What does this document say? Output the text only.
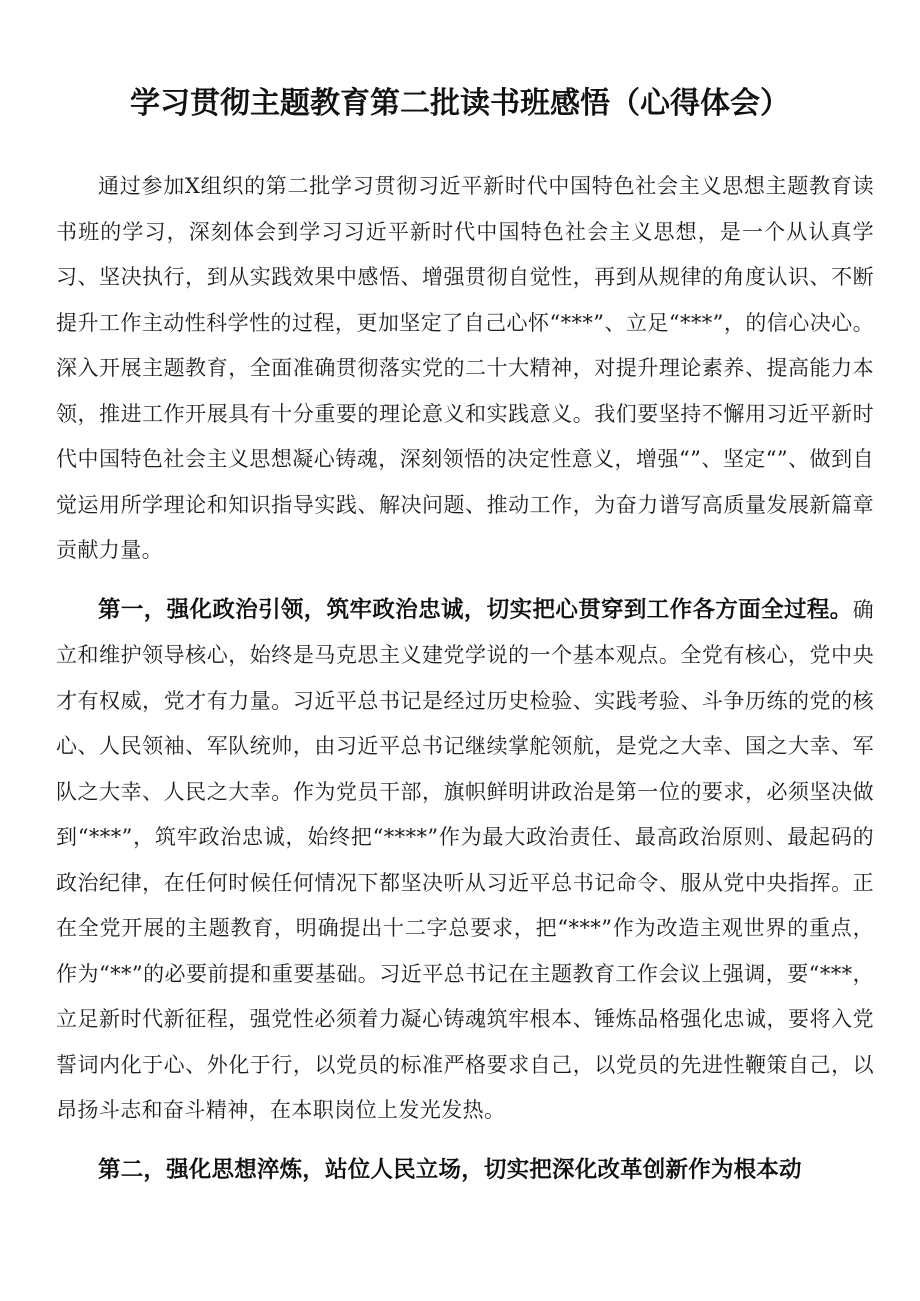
学习贯彻主题教育第二批读书班感悟（心得体会）

通过参加X组织的第二批学习贯彻习近平新时代中国特色社会主义思想主题教育读书班的学习，深刻体会到学习习近平新时代中国特色社会主义思想，是一个从认真学习、坚决执行，到从实践效果中感悟、增强贯彻自觉性，再到从规律的角度认识、不断提升工作主动性科学性的过程，更加坚定了自己心怀“***”、立足“***”，的信心决心。深入开展主题教育，全面准确贯彻落实党的二十大精神，对提升理论素养、提高能力本领，推进工作开展具有十分重要的理论意义和实践意义。我们要坚持不懈用习近平新时代中国特色社会主义思想凝心铸魂，深刻领悟的决定性意义，增强“”、坚定“”、做到自觉运用所学理论和知识指导实践、解决问题、推动工作，为奋力谱写高质量发展新篇章贡献力量。

第一，强化政治引领，筑牢政治忠诚，切实把心贯穿到工作各方面全过程。确立和维护领导核心，始终是马克思主义建党学说的一个基本观点。全党有核心，党中央才有权威，党才有力量。习近平总书记是经过历史检验、实践考验、斗争历练的党的核心、人民领袖、军队统帅，由习近平总书记继续掌舵领航，是党之大幸、国之大幸、军队之大幸、人民之大幸。作为党员干部，旗帜鲜明讲政治是第一位的要求，必须坚决做到“***”，筑牢政治忠诚，始终把“****”作为最大政治责任、最高政治原则、最起码的政治纪律，在任何时候任何情况下都坚决听从习近平总书记命令、服从党中央指挥。正在全党开展的主题教育，明确提出十二字总要求，把“***”作为改造主观世界的重点，作为“**”的必要前提和重要基础。习近平总书记在主题教育工作会议上强调，要“***，立足新时代新征程，强党性必须着力凝心铸魂筑牢根本、锤炼品格强化忠诚，要将入党誓词内化于心、外化于行，以党员的标准严格要求自己，以党员的先进性鞭策自己，以昂扬斗志和奋斗精神，在本职岗位上发光发热。

第二，强化思想淬炼，站位人民立场，切实把深化改革创新作为根本动
